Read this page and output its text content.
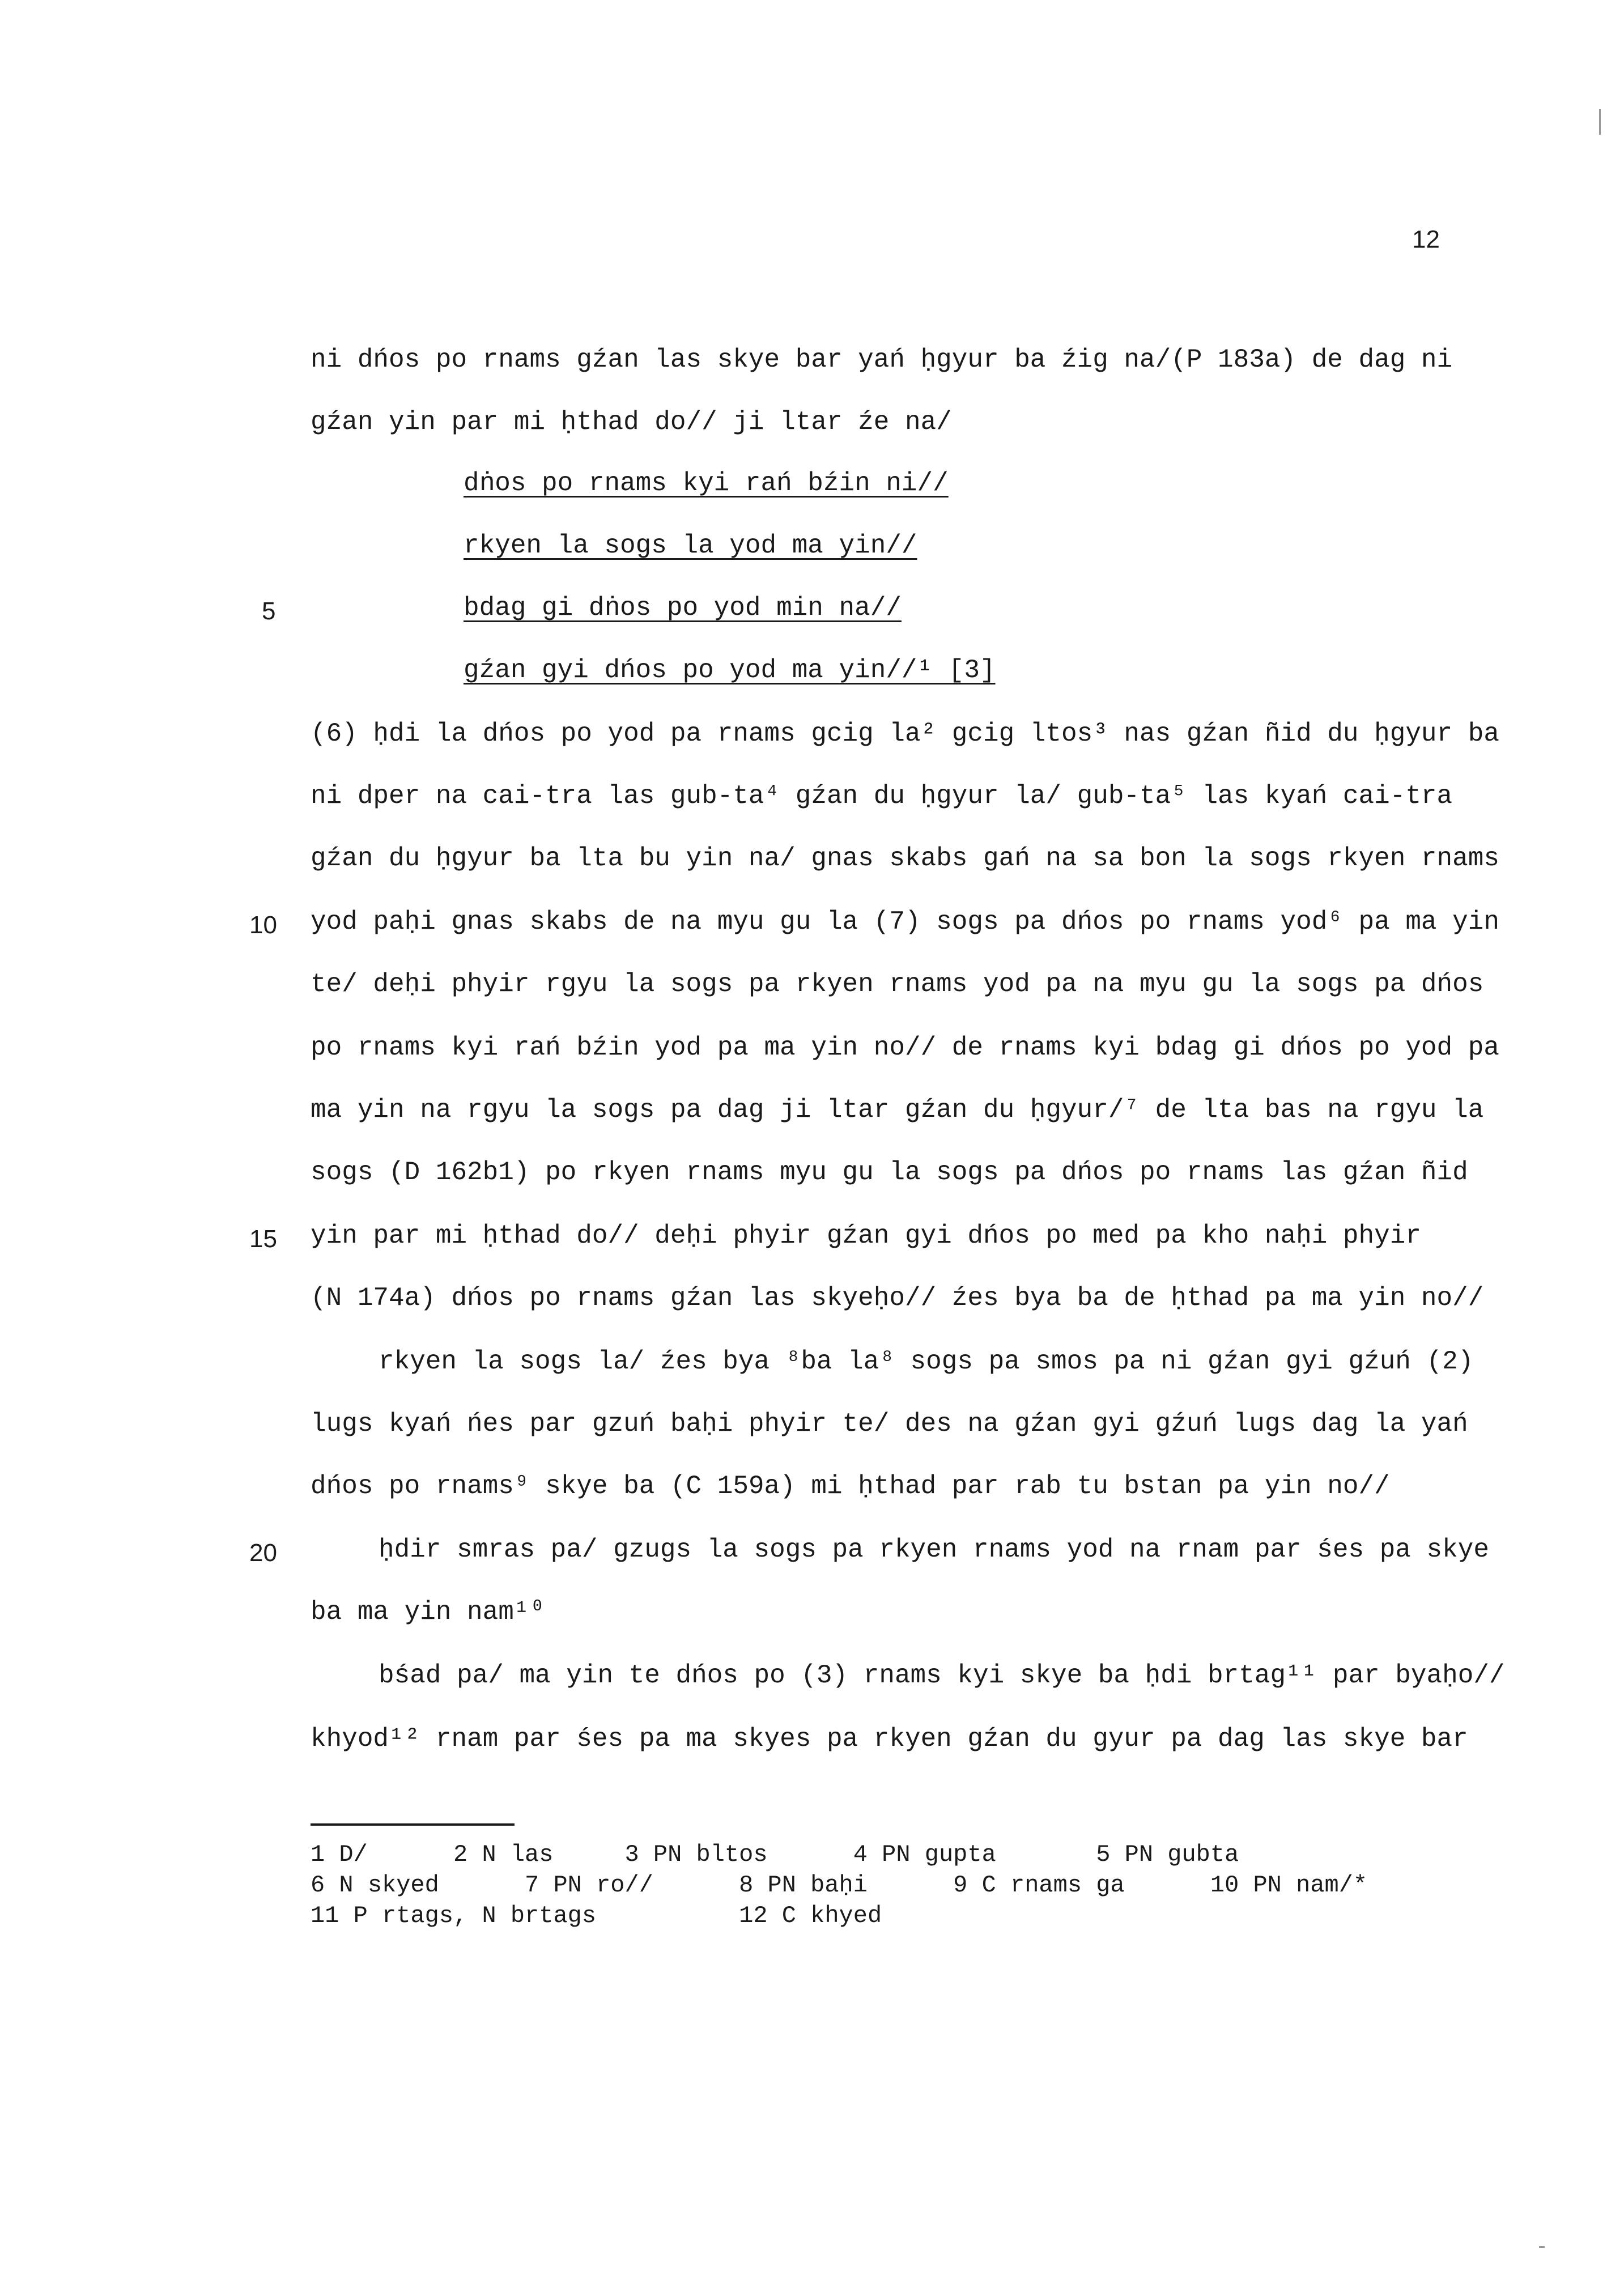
12
ni dńos po rnams gźan las skye bar yań ḥgyur ba źig na/(P 183a) de dag ni
gźan yin par mi ḥthad do// ji ltar źe na/
dṅos po rnams kyi rań bźin ni//
rkyen la sogs la yod ma yin//
bdag gi dṅos po yod min na//
gźan gyi dńos po yod ma yin//¹ [3]
(6) ḥdi la dńos po yod pa rnams gcig la² gcig ltos³ nas gźan ñid du ḥgyur ba
ni dper na cai-tra las gub-ta⁴ gźan du ḥgyur la/ gub-ta⁵ las kyań cai-tra
gźan du ḥgyur ba lta bu yin na/ gnas skabs gań na sa bon la sogs rkyen rnams
yod paḥi gnas skabs de na myu gu la (7) sogs pa dńos po rnams yod⁶ pa ma yin
te/ deḥi phyir rgyu la sogs pa rkyen rnams yod pa na myu gu la sogs pa dńos
po rnams kyi rań bźin yod pa ma yin no// de rnams kyi bdag gi dńos po yod pa
ma yin na rgyu la sogs pa dag ji ltar gźan du ḥgyur/⁷ de lta bas na rgyu la
sogs (D 162b1) po rkyen rnams myu gu la sogs pa dńos po rnams las gźan ñid
yin par mi ḥthad do// deḥi phyir gźan gyi dńos po med pa kho naḥi phyir
(N 174a) dńos po rnams gźan las skyeḥo// źes bya ba de ḥthad pa ma yin no//
rkyen la sogs la/ źes bya ⁸ba la⁸ sogs pa smos pa ni gźan gyi gźuń (2)
lugs kyań ńes par gzuń baḥi phyir te/ des na gźan gyi gźuń lugs dag la yań
dńos po rnams⁹ skye ba (C 159a) mi ḥthad par rab tu bstan pa yin no//
ḥdir smras pa/ gzugs la sogs pa rkyen rnams yod na rnam par śes pa skye
ba ma yin nam¹⁰
bśad pa/ ma yin te dńos po (3) rnams kyi skye ba ḥdi brtag¹¹ par byaḥo//
khyod¹² rnam par śes pa ma skyes pa rkyen gźan du gyur pa dag las skye bar
5
10
15
20
1 D/      2 N las     3 PN bltos      4 PN gupta       5 PN gubta
6 N skyed      7 PN ro//      8 PN baḥi      9 C rnams ga      10 PN nam/*
11 P rtags, N brtags          12 C khyed
